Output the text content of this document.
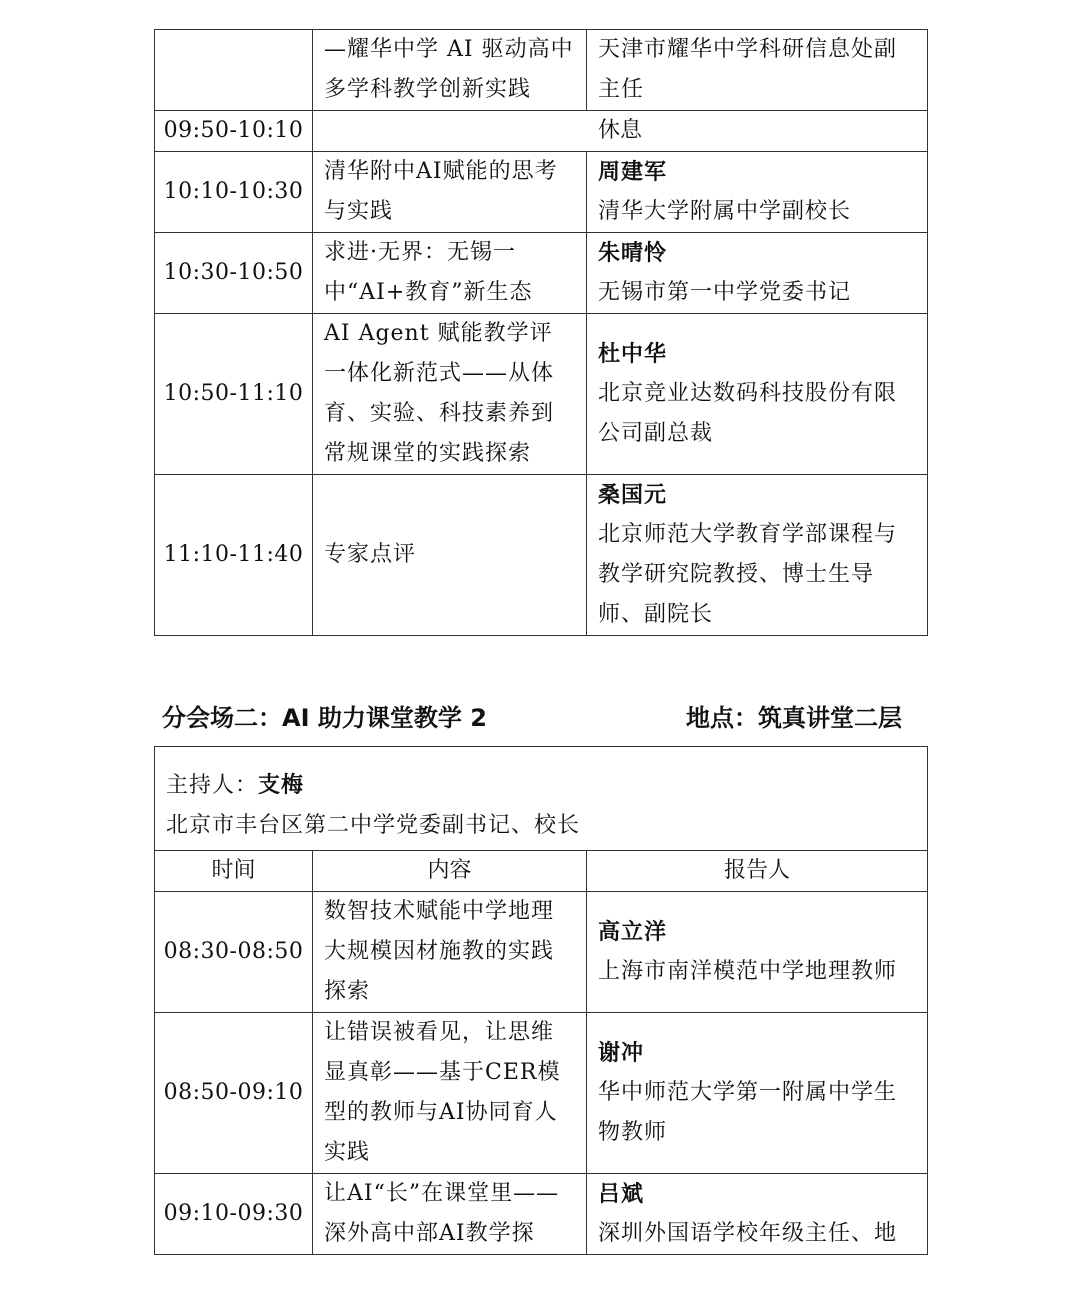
	—耀华中学 AI 驱动高中多学科教学创新实践	天津市耀华中学科研信息处副主任

09:50-10:10	休息	
10:10-10:30	清华附中AI赋能的思考与实践	周建军
清华大学附属中学副校长

10:30-10:50	求进·无界：无锡一中“AI+教育”新生态	朱晴怜
无锡市第一中学党委书记

10:50-11:10	AI Agent 赋能教学评一体化新范式——从体育、实验、科技素养到常规课堂的实践探索	杜中华
北京竞业达数码科技股份有限公司副总裁

11:10-11:40	专家点评	桑国元
北京师范大学教育学部课程与教学研究院教授、博士生导师、副院长
分会场二：AI 助力课堂教学 2	地点：筑真讲堂二层
主持人：支梅
北京市丰台区第二中学党委副书记、校长		

时间	内容	报告人
08:30-08:50	数智技术赋能中学地理大规模因材施教的实践探索	高立洋
上海市南洋模范中学地理教师

08:50-09:10	让错误被看见，让思维显真彰——基于CER模型的教师与AI协同育人实践	谢冲
华中师范大学第一附属中学生物教师

09:10-09:30	让AI“长”在课堂里——深外高中部AI教学探	吕斌
深圳外国语学校年级主任、地
